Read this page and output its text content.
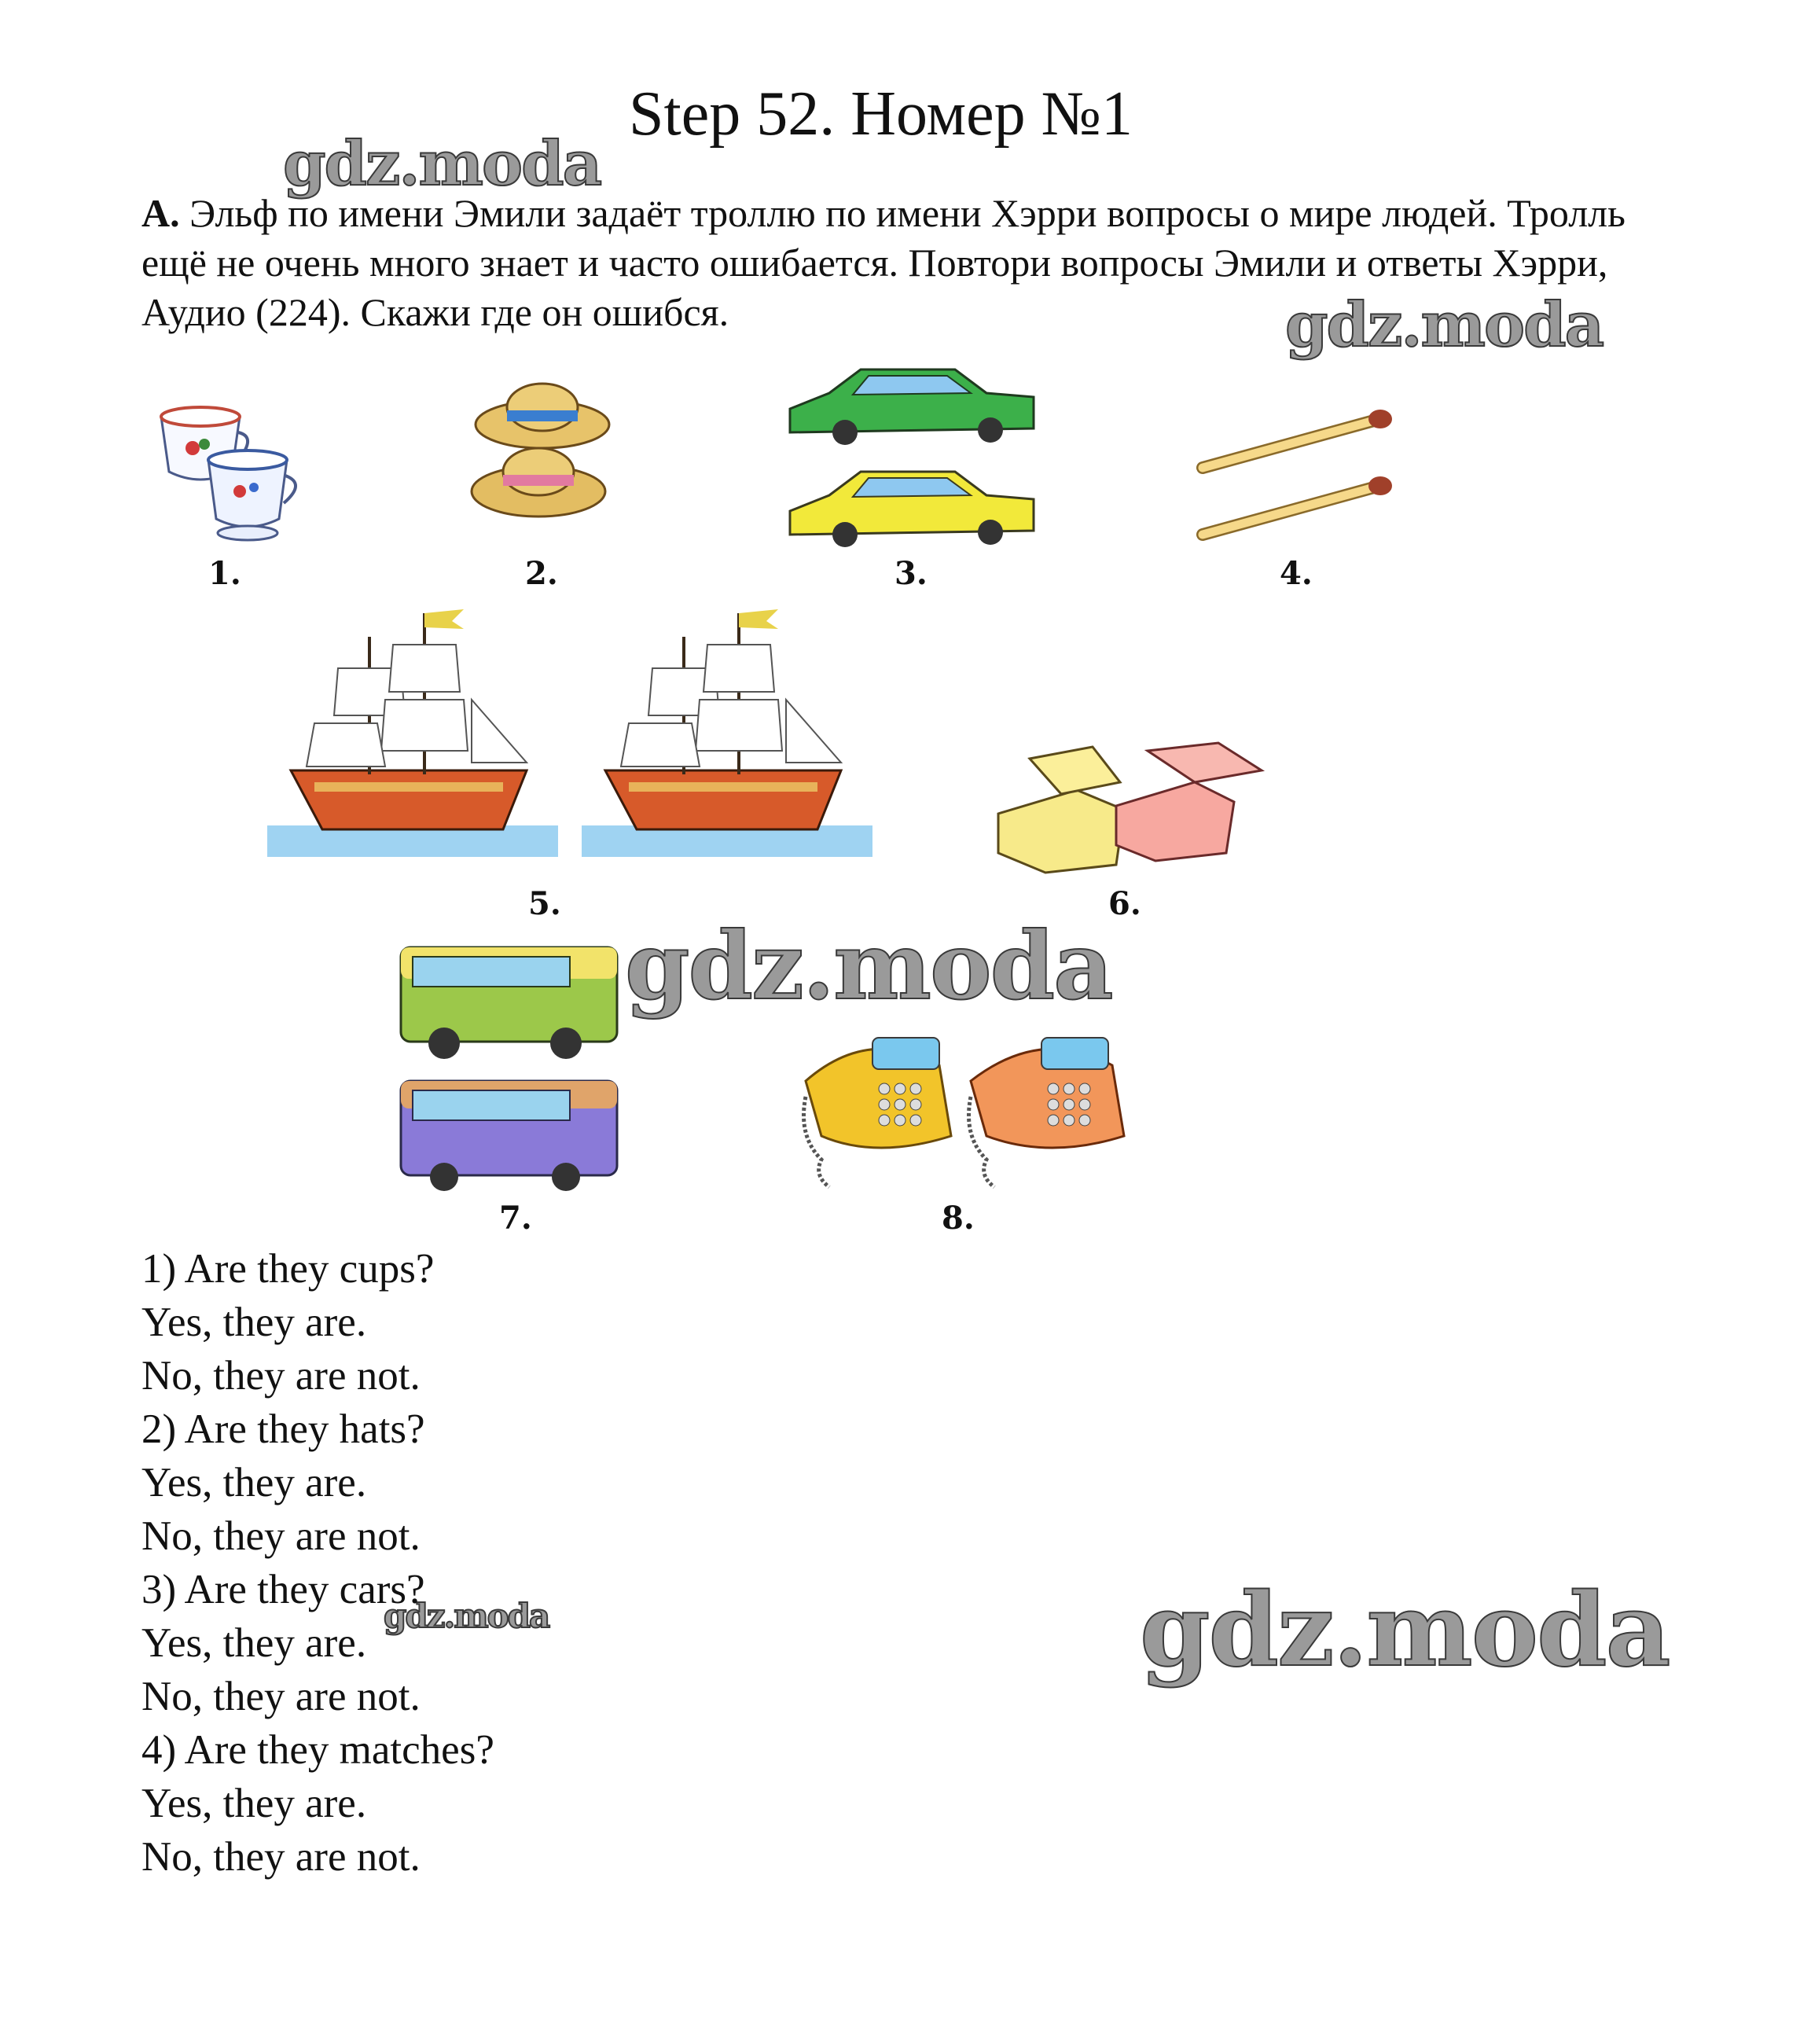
Step 52. Номер №1
gdz.moda
gdz.moda
gdz.moda
gdz.moda	gdz.moda
A. Эльф по имени Эмили задаёт троллю по имени Хэрри вопросы о мире людей. Тролль ещё не очень много знает и часто ошибается. Повтори вопросы Эмили и ответы Хэрри, Аудио (224). Скажи где он ошибся.
1.	2.	3.	4.
5.	6.
7.	8.
1) Are they cups?
Yes, they are.
No, they are not.
2) Are they hats?
Yes, they are.
No, they are not.
3) Are they cars?
Yes, they are.
No, they are not.
4) Are they matches?
Yes, they are.
No, they are not.
